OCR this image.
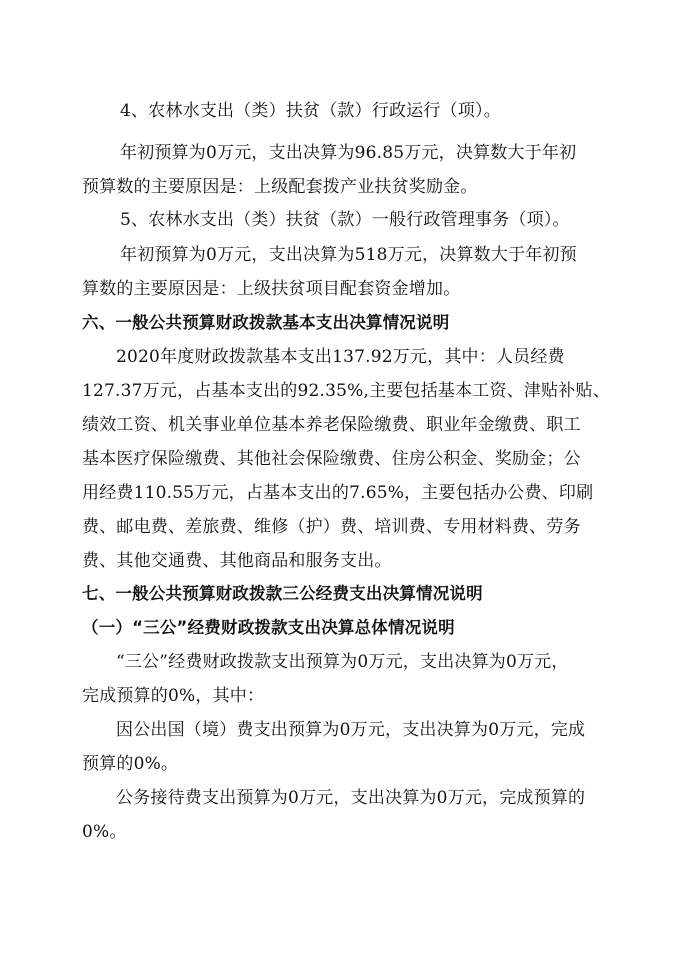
4、农林水支出（类）扶贫（款）行政运行（项）。
年初预算为0万元，支出决算为96.85万元，决算数大于年初
预算数的主要原因是：上级配套拨产业扶贫奖励金。
5、农林水支出（类）扶贫（款）一般行政管理事务（项）。
年初预算为0万元，支出决算为518万元，决算数大于年初预
算数的主要原因是：上级扶贫项目配套资金增加。
六、一般公共预算财政拨款基本支出决算情况说明
2020年度财政拨款基本支出137.92万元，其中：人员经费
127.37万元，占基本支出的92.35%,主要包括基本工资、津贴补贴、
绩效工资、机关事业单位基本养老保险缴费、职业年金缴费、职工
基本医疗保险缴费、其他社会保险缴费、住房公积金、奖励金；公
用经费110.55万元，占基本支出的7.65%，主要包括办公费、印刷
费、邮电费、差旅费、维修（护）费、培训费、专用材料费、劳务
费、其他交通费、其他商品和服务支出。
七、一般公共预算财政拨款三公经费支出决算情况说明
（一）“三公”经费财政拨款支出决算总体情况说明
“三公”经费财政拨款支出预算为0万元，支出决算为0万元，
完成预算的0%，其中：
因公出国（境）费支出预算为0万元，支出决算为0万元，完成
预算的0%。
公务接待费支出预算为0万元，支出决算为0万元，完成预算的
0%。
